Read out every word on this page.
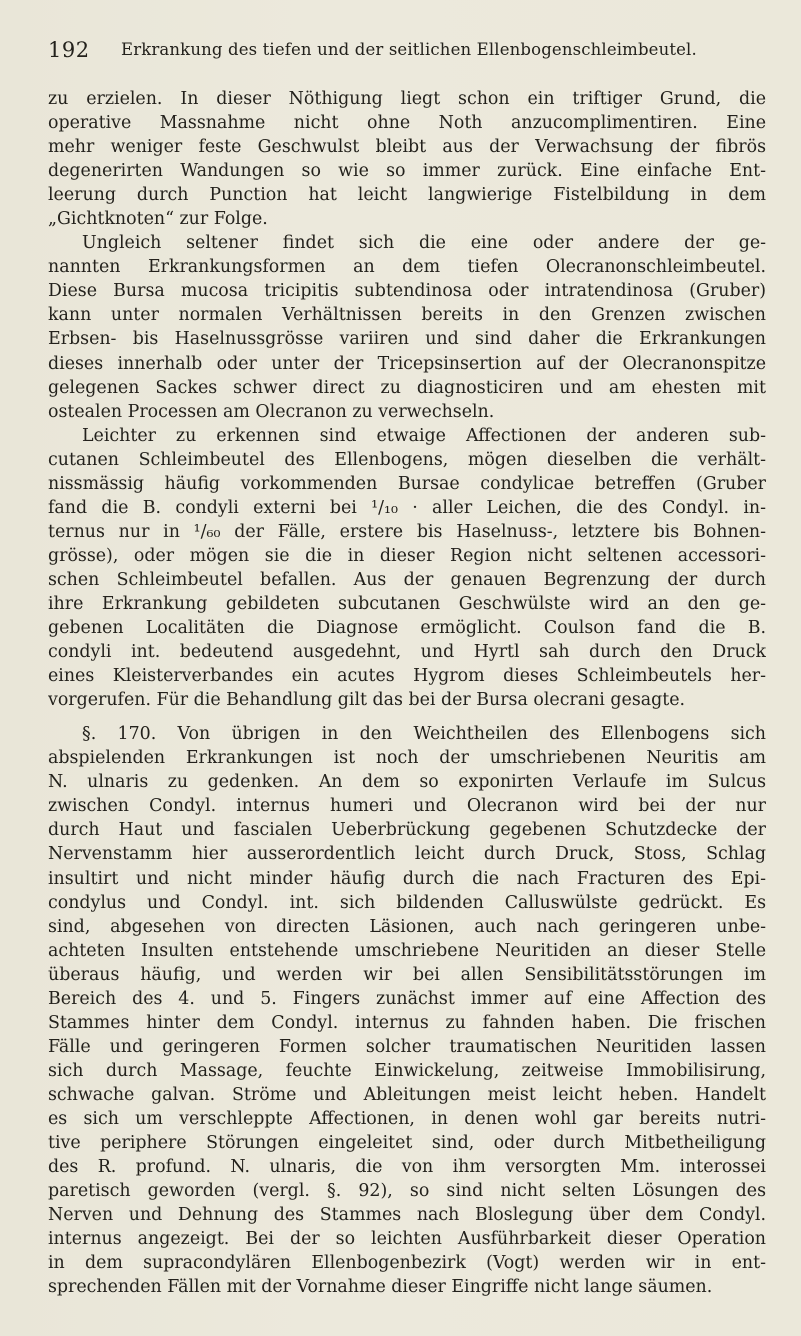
192 Erkrankung des tiefen und der seitlichen Ellenbogenschleimbeutel.
zu erzielen. In dieser Nöthigung liegt schon ein triftiger Grund, die
operative Massnahme nicht ohne Noth anzucomplimentiren. Eine
mehr weniger feste Geschwulst bleibt aus der Verwachsung der fibrös
degenerirten Wandungen so wie so immer zurück. Eine einfache Ent-
leerung durch Punction hat leicht langwierige Fistelbildung in dem
„Gichtknoten“ zur Folge.
Ungleich seltener findet sich die eine oder andere der ge-
nannten Erkrankungsformen an dem tiefen Olecranonschleimbeutel.
Diese Bursa mucosa tricipitis subtendinosa oder intratendinosa (Gruber)
kann unter normalen Verhältnissen bereits in den Grenzen zwischen
Erbsen- bis Haselnussgrösse variiren und sind daher die Erkrankungen
dieses innerhalb oder unter der Tricepsinsertion auf der Olecranonspitze
gelegenen Sackes schwer direct zu diagnosticiren und am ehesten mit
ostealen Processen am Olecranon zu verwechseln.
Leichter zu erkennen sind etwaige Affectionen der anderen sub-
cutanen Schleimbeutel des Ellenbogens, mögen dieselben die verhält-
nissmässig häufig vorkommenden Bursae condylicae betreffen (Gruber
fand die B. condyli externi bei ¹/₁₀ · aller Leichen, die des Condyl. in-
ternus nur in ¹/₆₀ der Fälle, erstere bis Haselnuss-, letztere bis Bohnen-
grösse), oder mögen sie die in dieser Region nicht seltenen accessori-
schen Schleimbeutel befallen. Aus der genauen Begrenzung der durch
ihre Erkrankung gebildeten subcutanen Geschwülste wird an den ge-
gebenen Localitäten die Diagnose ermöglicht. Coulson fand die B.
condyli int. bedeutend ausgedehnt, und Hyrtl sah durch den Druck
eines Kleisterverbandes ein acutes Hygrom dieses Schleimbeutels her-
vorgerufen. Für die Behandlung gilt das bei der Bursa olecrani gesagte.
§. 170. Von übrigen in den Weichtheilen des Ellenbogens sich
abspielenden Erkrankungen ist noch der umschriebenen Neuritis am
N. ulnaris zu gedenken. An dem so exponirten Verlaufe im Sulcus
zwischen Condyl. internus humeri und Olecranon wird bei der nur
durch Haut und fascialen Ueberbrückung gegebenen Schutzdecke der
Nervenstamm hier ausserordentlich leicht durch Druck, Stoss, Schlag
insultirt und nicht minder häufig durch die nach Fracturen des Epi-
condylus und Condyl. int. sich bildenden Calluswülste gedrückt. Es
sind, abgesehen von directen Läsionen, auch nach geringeren unbe-
achteten Insulten entstehende umschriebene Neuritiden an dieser Stelle
überaus häufig, und werden wir bei allen Sensibilitätsstörungen im
Bereich des 4. und 5. Fingers zunächst immer auf eine Affection des
Stammes hinter dem Condyl. internus zu fahnden haben. Die frischen
Fälle und geringeren Formen solcher traumatischen Neuritiden lassen
sich durch Massage, feuchte Einwickelung, zeitweise Immobilisirung,
schwache galvan. Ströme und Ableitungen meist leicht heben. Handelt
es sich um verschleppte Affectionen, in denen wohl gar bereits nutri-
tive periphere Störungen eingeleitet sind, oder durch Mitbetheiligung
des R. profund. N. ulnaris, die von ihm versorgten Mm. interossei
paretisch geworden (vergl. §. 92), so sind nicht selten Lösungen des
Nerven und Dehnung des Stammes nach Bloslegung über dem Condyl.
internus angezeigt. Bei der so leichten Ausführbarkeit dieser Operation
in dem supracondylären Ellenbogenbezirk (Vogt) werden wir in ent-
sprechenden Fällen mit der Vornahme dieser Eingriffe nicht lange säumen.
